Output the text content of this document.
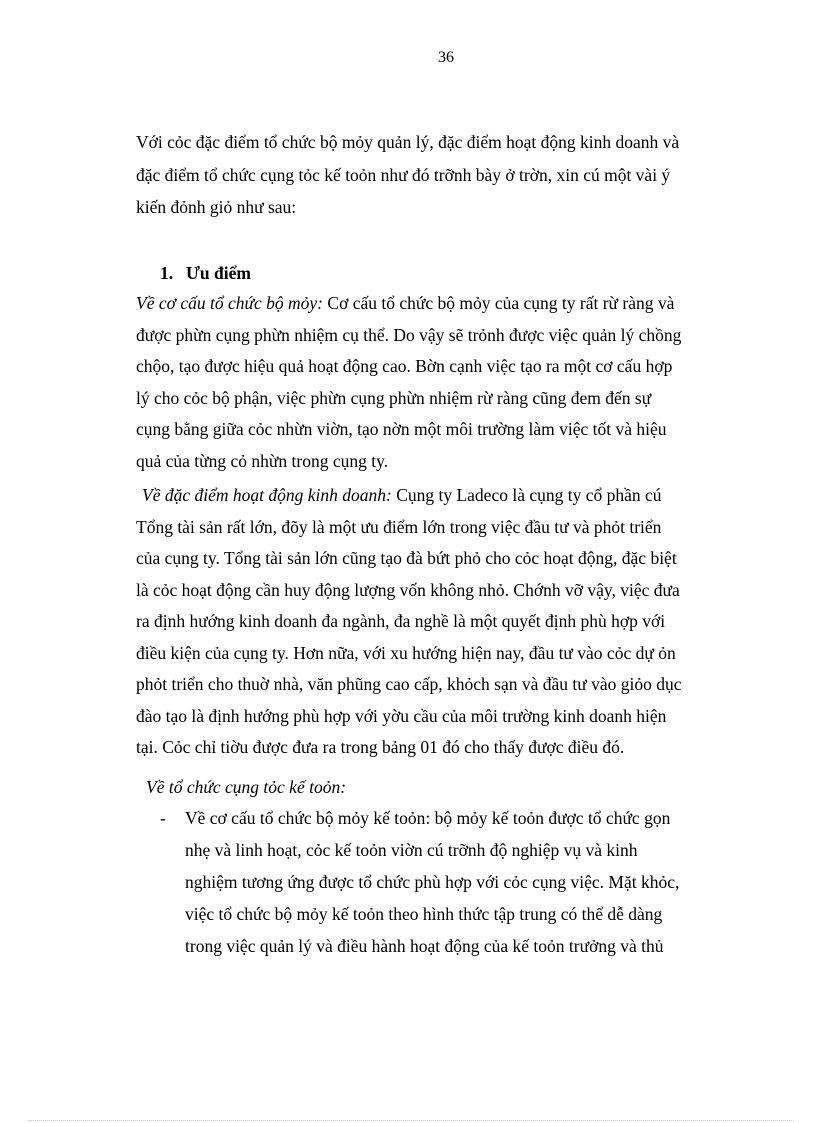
36
Với cỏc đặc điểm tổ chức bộ mỏy quản lý, đặc điểm hoạt động kinh doanh và
đặc điểm tổ chức cụng tỏc kế toỏn như đó trỡnh bày ở trờn, xin cú một vài ý
kiến đỏnh giỏ như sau:
1. Ưu điểm
Về cơ cấu tổ chức bộ mỏy: Cơ cấu tổ chức bộ mỏy của cụng ty rất rừ ràng và
được phừn cụng phừn nhiệm cụ thể. Do vậy sẽ trỏnh được việc quản lý chồng
chộo, tạo được hiệu quả hoạt động cao. Bờn cạnh việc tạo ra một cơ cấu hợp
lý cho cỏc bộ phận, việc phừn cụng phừn nhiệm rừ ràng cũng đem đến sự
cụng bằng giữa cỏc nhừn viờn, tạo nờn một môi trường làm việc tốt và hiệu
quả của từng cỏ nhừn trong cụng ty.
Về đặc điểm hoạt động kinh doanh: Cụng ty Ladeco là cụng ty cổ phần cú
Tổng tài sản rất lớn, đõy là một ưu điểm lớn trong việc đầu tư và phỏt triển
của cụng ty. Tổng tài sản lớn cũng tạo đà bứt phỏ cho cỏc hoạt động, đặc biệt
là cỏc hoạt động cần huy động lượng vốn không nhỏ. Chớnh vỡ vậy, việc đưa
ra định hướng kinh doanh đa ngành, đa nghề là một quyết định phù hợp với
điều kiện của cụng ty. Hơn nữa, với xu hướng hiện nay, đầu tư vào cỏc dự ỏn
phỏt triển cho thuờ nhà, văn phũng cao cấp, khỏch sạn và đầu tư vào giỏo dục
đào tạo là định hướng phù hợp với yờu cầu của môi trường kinh doanh hiện
tại. Cỏc chỉ tiờu được đưa ra trong bảng 01 đó cho thấy được điều đó.
Về tổ chức cụng tỏc kế toỏn:
- Về cơ cấu tổ chức bộ mỏy kế toỏn: bộ mỏy kế toỏn được tổ chức gọn
nhẹ và linh hoạt, cỏc kế toỏn viờn cú trỡnh độ nghiệp vụ và kinh
nghiệm tương ứng được tổ chức phù hợp với cỏc cụng việc. Mặt khỏc,
việc tổ chức bộ mỏy kế toỏn theo hình thức tập trung có thể dễ dàng
trong việc quản lý và điều hành hoạt động của kế toỏn trưởng và thủ
